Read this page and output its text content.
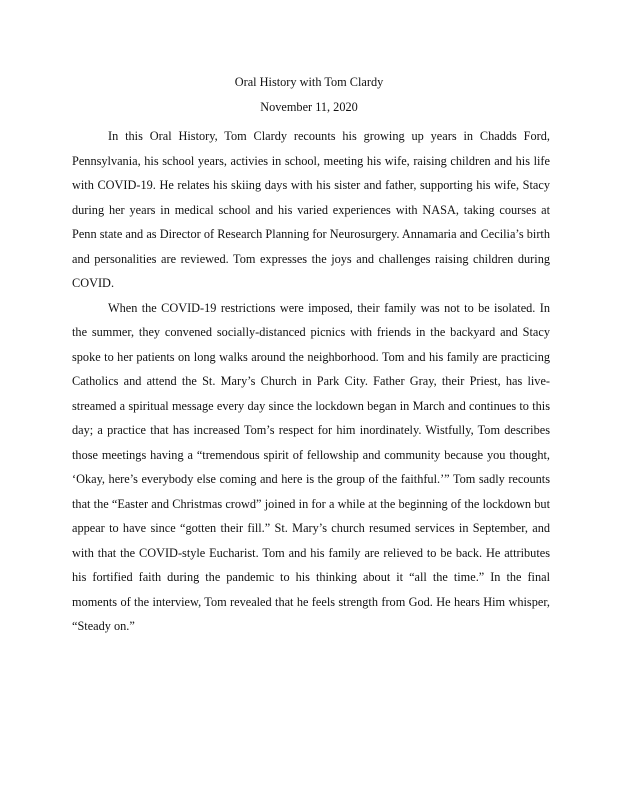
Oral History with Tom Clardy
November 11, 2020

In this Oral History, Tom Clardy recounts his growing up years in Chadds Ford, Pennsylvania, his school years, activies in school, meeting his wife, raising children and his life with COVID-19. He relates his skiing days with his sister and father, supporting his wife, Stacy during her years in medical school and his varied experiences with NASA, taking courses at Penn state and as Director of Research Planning for Neurosurgery. Annamaria and Cecilia’s birth and personalities are reviewed. Tom expresses the joys and challenges raising children during COVID.

When the COVID-19 restrictions were imposed, their family was not to be isolated. In the summer, they convened socially-distanced picnics with friends in the backyard and Stacy spoke to her patients on long walks around the neighborhood. Tom and his family are practicing Catholics and attend the St. Mary’s Church in Park City. Father Gray, their Priest, has live-streamed a spiritual message every day since the lockdown began in March and continues to this day; a practice that has increased Tom’s respect for him inordinately. Wistfully, Tom describes those meetings having a “tremendous spirit of fellowship and community because you thought, ‘Okay, here’s everybody else coming and here is the group of the faithful.’” Tom sadly recounts that the “Easter and Christmas crowd” joined in for a while at the beginning of the lockdown but appear to have since “gotten their fill.” St. Mary’s church resumed services in September, and with that the COVID-style Eucharist. Tom and his family are relieved to be back. He attributes his fortified faith during the pandemic to his thinking about it “all the time.” In the final moments of the interview, Tom revealed that he feels strength from God. He hears Him whisper, “Steady on.”
